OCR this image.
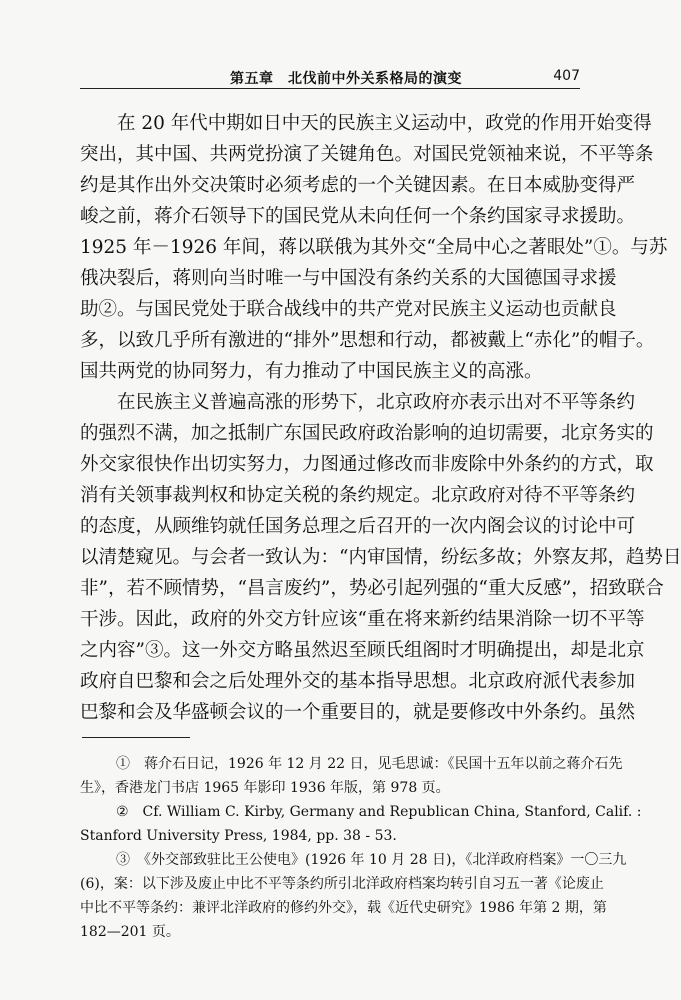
第五章　北伐前中外关系格局的演变	407
在 20 年代中期如日中天的民族主义运动中，政党的作用开始变得
突出，其中国、共两党扮演了关键角色。对国民党领袖来说，不平等条
约是其作出外交决策时必须考虑的一个关键因素。在日本威胁变得严
峻之前，蒋介石领导下的国民党从未向任何一个条约国家寻求援助。
1925 年－1926 年间，蒋以联俄为其外交“全局中心之著眼处”①。与苏
俄决裂后，蒋则向当时唯一与中国没有条约关系的大国德国寻求援
助②。与国民党处于联合战线中的共产党对民族主义运动也贡献良
多，以致几乎所有激进的“排外”思想和行动，都被戴上“赤化”的帽子。
国共两党的协同努力，有力推动了中国民族主义的高涨。
在民族主义普遍高涨的形势下，北京政府亦表示出对不平等条约
的强烈不满，加之抵制广东国民政府政治影响的迫切需要，北京务实的
外交家很快作出切实努力，力图通过修改而非废除中外条约的方式，取
消有关领事裁判权和协定关税的条约规定。北京政府对待不平等条约
的态度，从顾维钧就任国务总理之后召开的一次内阁会议的讨论中可
以清楚窥见。与会者一致认为：“内审国情，纷纭多故；外察友邦，趋势日
非”，若不顾情势，“昌言废约”，势必引起列强的“重大反感”，招致联合
干涉。因此，政府的外交方针应该“重在将来新约结果消除一切不平等
之内容”③。这一外交方略虽然迟至顾氏组阁时才明确提出，却是北京
政府自巴黎和会之后处理外交的基本指导思想。北京政府派代表参加
巴黎和会及华盛顿会议的一个重要目的，就是要修改中外条约。虽然
①　蒋介石日记，1926 年 12 月 22 日，见毛思诚：《民国十五年以前之蒋介石先
生》，香港龙门书店 1965 年影印 1936 年版，第 978 页。
②　Cf. William C. Kirby, Germany and Republican China, Stanford, Calif. :
Stanford University Press, 1984, pp. 38 - 53.
③　《外交部致驻比王公使电》(1926 年 10 月 28 日)，《北洋政府档案》一〇三九
(6)，案：以下涉及废止中比不平等条约所引北洋政府档案均转引自习五一著《论废止
中比不平等条约：兼评北洋政府的修约外交》，载《近代史研究》1986 年第 2 期，第
182—201 页。
